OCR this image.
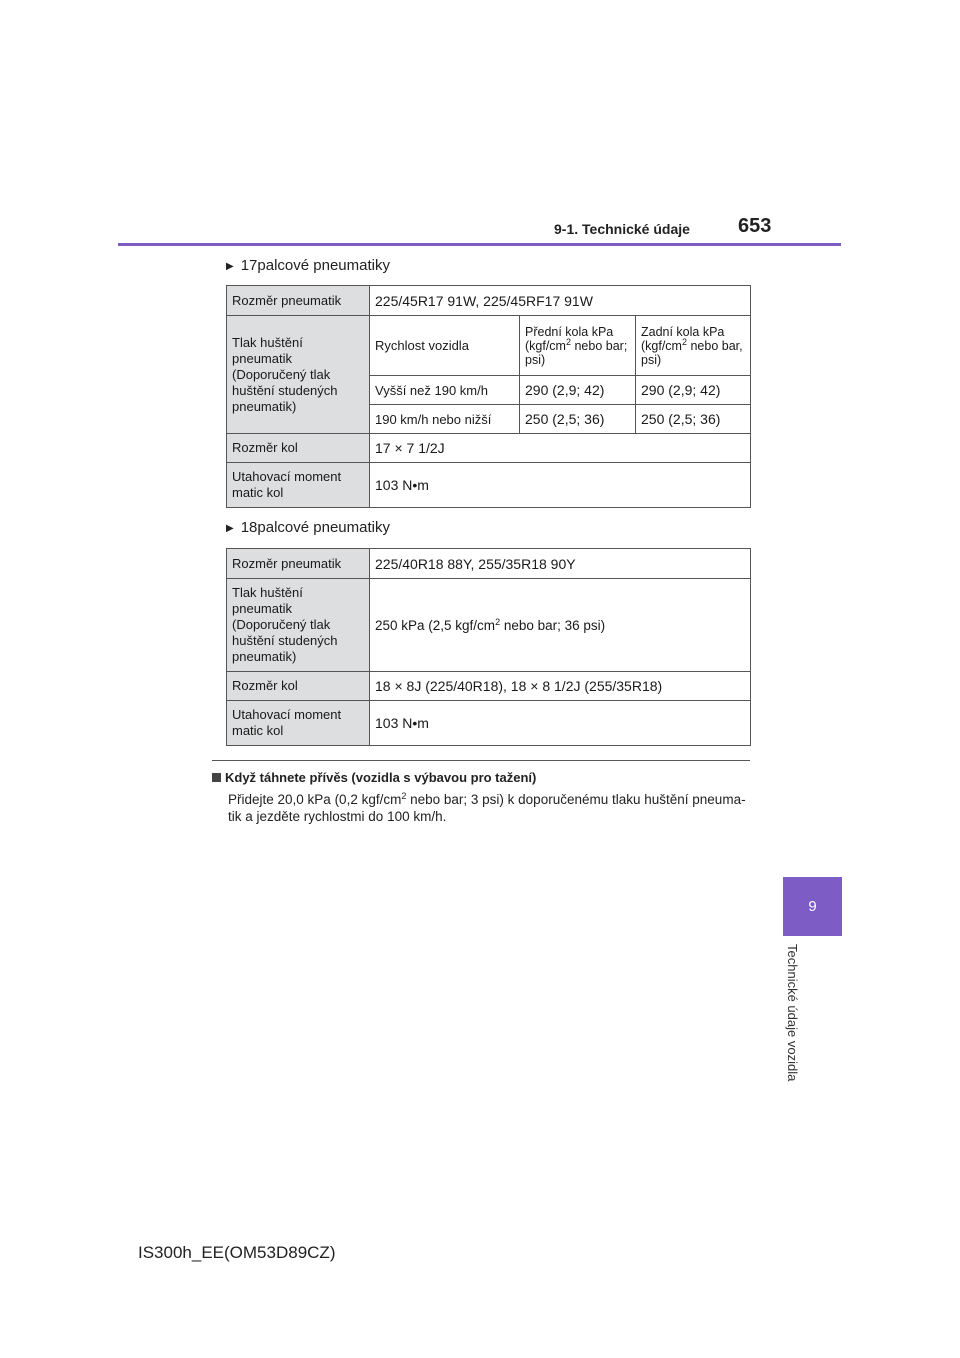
9-1. Technické údaje 653
9
Technické údaje vozidla
▶ 17palcové pneumatiky
Rozměr pneumatik	225/45R17 91W, 225/45RF17 91W		
Tlak huštění pneumatik (Doporučený tlak huštění studených pneumatik)	Rychlost vozidla	Přední kola kPa ($kgf/cm^2$ nebo bar; psi)	Zadní kola kPa ($kgf/cm^2$ nebo bar, psi)
	Vyšší než 190 km/h	290 (2,9; 42)	290 (2,9; 42)
	190 km/h nebo nižší	250 (2,5; 36)	250 (2,5; 36)
Rozměr kol	17 × 7 1/2J		
Utahovací moment matic kol	103 N•m		
▶ 18palcové pneumatiky
Rozměr pneumatik	225/40R18 88Y, 255/35R18 90Y
Tlak huštění pneumatik (Doporučený tlak huštění studených pneumatik)	250 kPa (2,5 kgf/$cm^2$ nebo bar; 36 psi)
Rozměr kol	18 × 8J (225/40R18), 18 × 8 1/2J (255/35R18)
Utahovací moment matic kol	103 N•m
Když táhnete přívěs (vozidla s výbavou pro tažení)
Přidejte 20,0 kPa (0,2 kgf/$cm^2$ nebo bar; 3 psi) k doporučenému tlaku huštění pneuma- tik a jezděte rychlostmi do 100 km/h.
IS300h_EE(OM53D89CZ)
